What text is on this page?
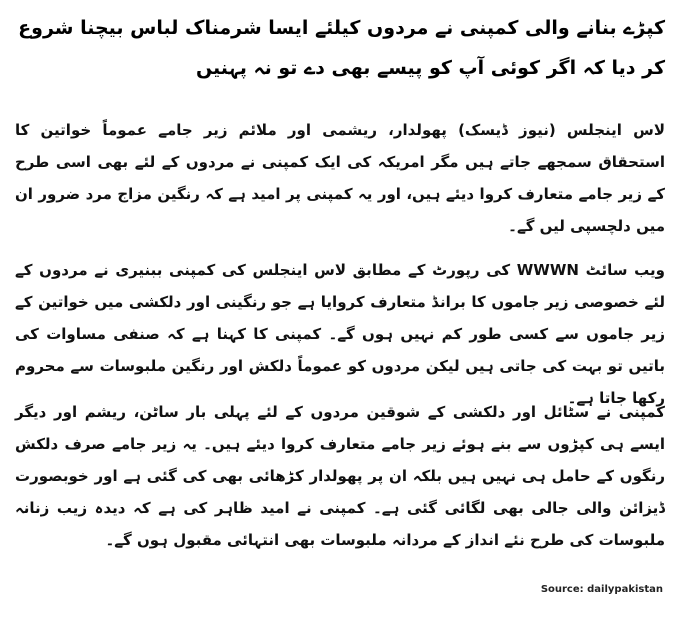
کپڑے بنانے والی کمپنی نے مردوں کیلئے ایسا شرمناک لباس بیچنا شروع کر دیا کہ اگر کوئی آپ کو پیسے بھی دے تو نہ پہنیں

لاس اینجلس (نیوز ڈیسک) پھولدار، ریشمی اور ملائم زیر جامے عموماً خواتین کا استحقاق سمجھے جاتے ہیں مگر امریکہ کی ایک کمپنی نے مردوں کے لئے بھی اسی طرح کے زیر جامے متعارف کروا دیئے ہیں، اور یہ کمپنی پر امید ہے کہ رنگین مزاج مرد ضرور ان میں دلچسپی لیں گے۔

ویب سائٹ WWWN کی رپورٹ کے مطابق لاس اینجلس کی کمپنی ببنیری نے مردوں کے لئے خصوصی زیر جاموں کا برانڈ متعارف کروایا ہے جو رنگینی اور دلکشی میں خواتین کے زیر جاموں سے کسی طور کم نہیں ہوں گے۔ کمپنی کا کہنا ہے کہ صنفی مساوات کی باتیں تو بہت کی جاتی ہیں لیکن مردوں کو عموماً دلکش اور رنگین ملبوسات سے محروم رکھا جاتا ہے۔

کمپنی نے سٹائل اور دلکشی کے شوقین مردوں کے لئے پہلی بار ساٹن، ریشم اور دیگر ایسے ہی کپڑوں سے بنے ہوئے زیر جامے متعارف کروا دیئے ہیں۔ یہ زیر جامے صرف دلکش رنگوں کے حامل ہی نہیں ہیں بلکہ ان پر پھولدار کڑھائی بھی کی گئی ہے اور خوبصورت ڈیزائن والی جالی بھی لگائی گئی ہے۔ کمپنی نے امید ظاہر کی ہے کہ دیدہ زیب زنانہ ملبوسات کی طرح نئے انداز کے مردانہ ملبوسات بھی انتہائی مقبول ہوں گے۔

Source: dailypakistan
